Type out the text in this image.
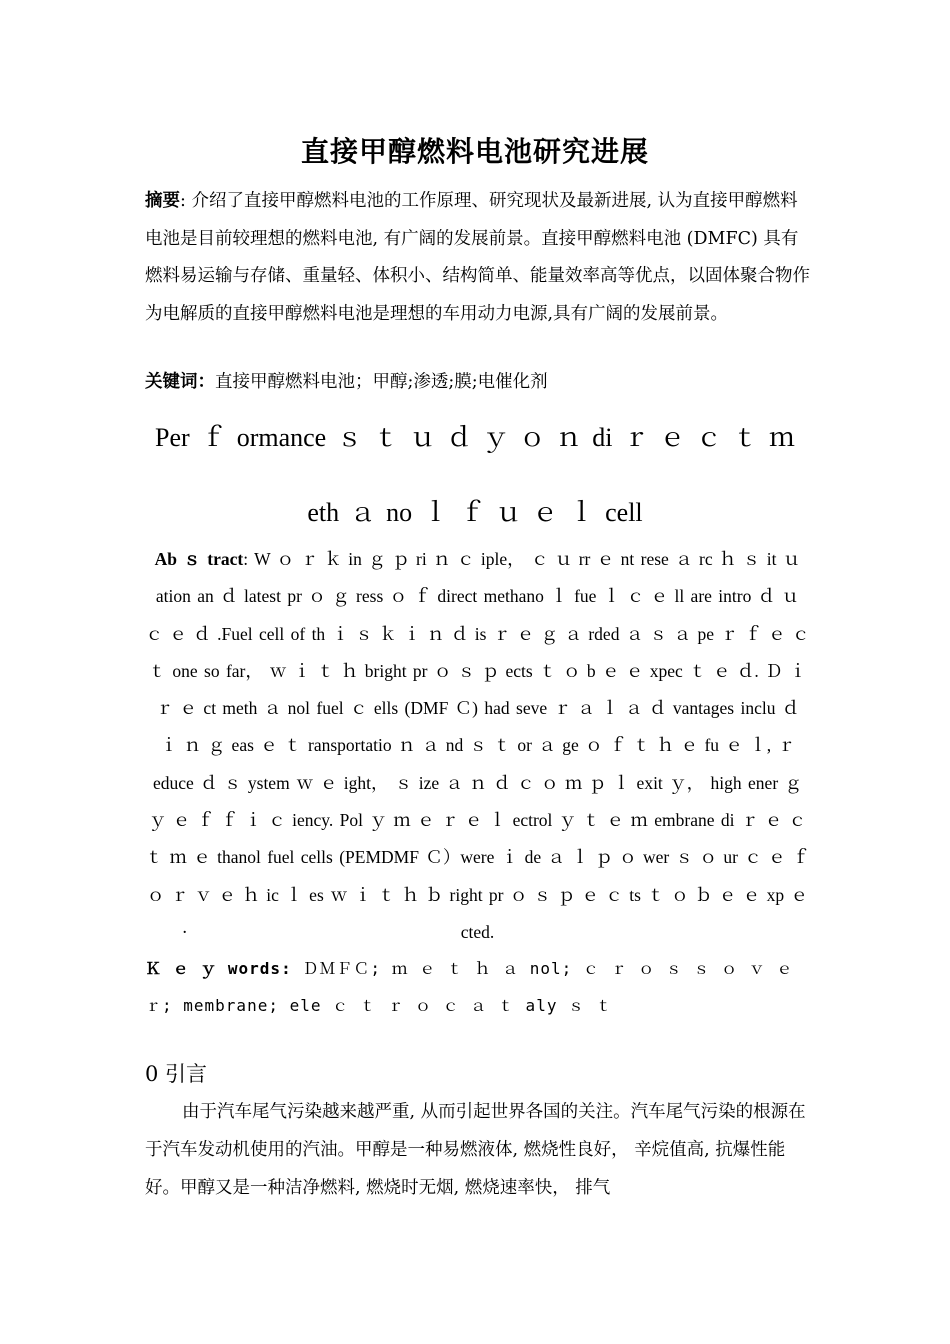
直接甲醇燃料电池研究进展
摘要: 介绍了直接甲醇燃料电池的工作原理、研究现状及最新进展, 认为直接甲醇燃料电池是目前较理想的燃料电池, 有广阔的发展前景。直接甲醇燃料电池 (DMFC) 具有燃料易运输与存储、重量轻、体积小、结构简单、能量效率高等优点，以固体聚合物作为电解质的直接甲醇燃料电池是理想的车用动力电源,具有广阔的发展前景。
关键词：直接甲醇燃料电池；甲醇;渗透;膜;电催化剂
Per ｆ ormance ｓ ｔ ｕ ｄ ｙ ｏ ｎ di ｒ ｅ ｃ ｔ ｍ eth ａ no ｌ ｆ ｕ ｅ ｌ cell
Ab ｓ tract: W ｏ ｒ ｋ in ｇ ｐ ri ｎ ｃ iple， ｃ ｕ rr ｅ nt rese ａ rc ｈ ｓ it ｕ ation an ｄ latest pr ｏ ｇ ress ｏ ｆ direct methano ｌ fue ｌ ｃ ｅ ll are intro ｄ ｕ ｃ ｅ ｄ .Fuel cell of th ｉ ｓ ｋ ｉ ｎ ｄ is ｒ ｅ ｇ ａ rded ａ ｓ ａ pe ｒ ｆ ｅ ｃ ｔ one so far， ｗ ｉ ｔ ｈ bright pr ｏ ｓ ｐ ects ｔ ｏ b ｅ ｅ xpec ｔ ｅ ｄ. Ｄ ｉ ｒ ｅ ct meth ａ nol fuel ｃ ells (DMF Ｃ) had seve ｒ ａ ｌ ａ ｄ vantages inclu ｄ ｉ ｎ ｇ eas ｅ ｔ ransportatio ｎ ａ nd ｓ ｔ or ａ ge ｏ ｆ ｔ ｈ ｅ fu ｅ ｌ, ｒ educe ｄ ｓ ystem ｗ ｅ ight， ｓ ize ａ ｎ ｄ ｃ ｏ ｍ ｐ ｌ exit ｙ， high ener ｇ ｙ ｅ ｆ ｆ ｉ ｃ iency. Pol ｙ ｍ ｅ ｒ ｅ ｌ ectrol ｙ ｔ ｅ ｍ embrane di ｒ ｅ ｃ ｔ ｍ ｅ thanol fuel cells (PEMDMF Ｃ）were ｉ de ａ ｌ ｐ ｏ wer ｓ ｏ ur ｃ ｅ ｆ ｏ ｒ ｖ ｅ ｈ ic ｌ es ｗ ｉ ｔ ｈ ｂ right pr ｏ ｓ ｐ ｅ ｃ ts ｔ ｏ ｂ ｅ ｅ xp ｅ cted.
.
Ｋ ｅ ｙ words: ＤＭＦＣ; ｍ ｅ ｔ ｈ ａ nol; ｃ ｒ ｏ ｓ ｓ ｏ ｖ ｅ ｒ; membrane; ele ｃ ｔ ｒ ｏ ｃ ａ ｔ aly ｓ ｔ
0 引言
由于汽车尾气污染越来越严重, 从而引起世界各国的关注。汽车尾气污染的根源在于汽车发动机使用的汽油。甲醇是一种易燃液体, 燃烧性良好， 辛烷值高, 抗爆性能好。甲醇又是一种洁净燃料, 燃烧时无烟, 燃烧速率快， 排气
